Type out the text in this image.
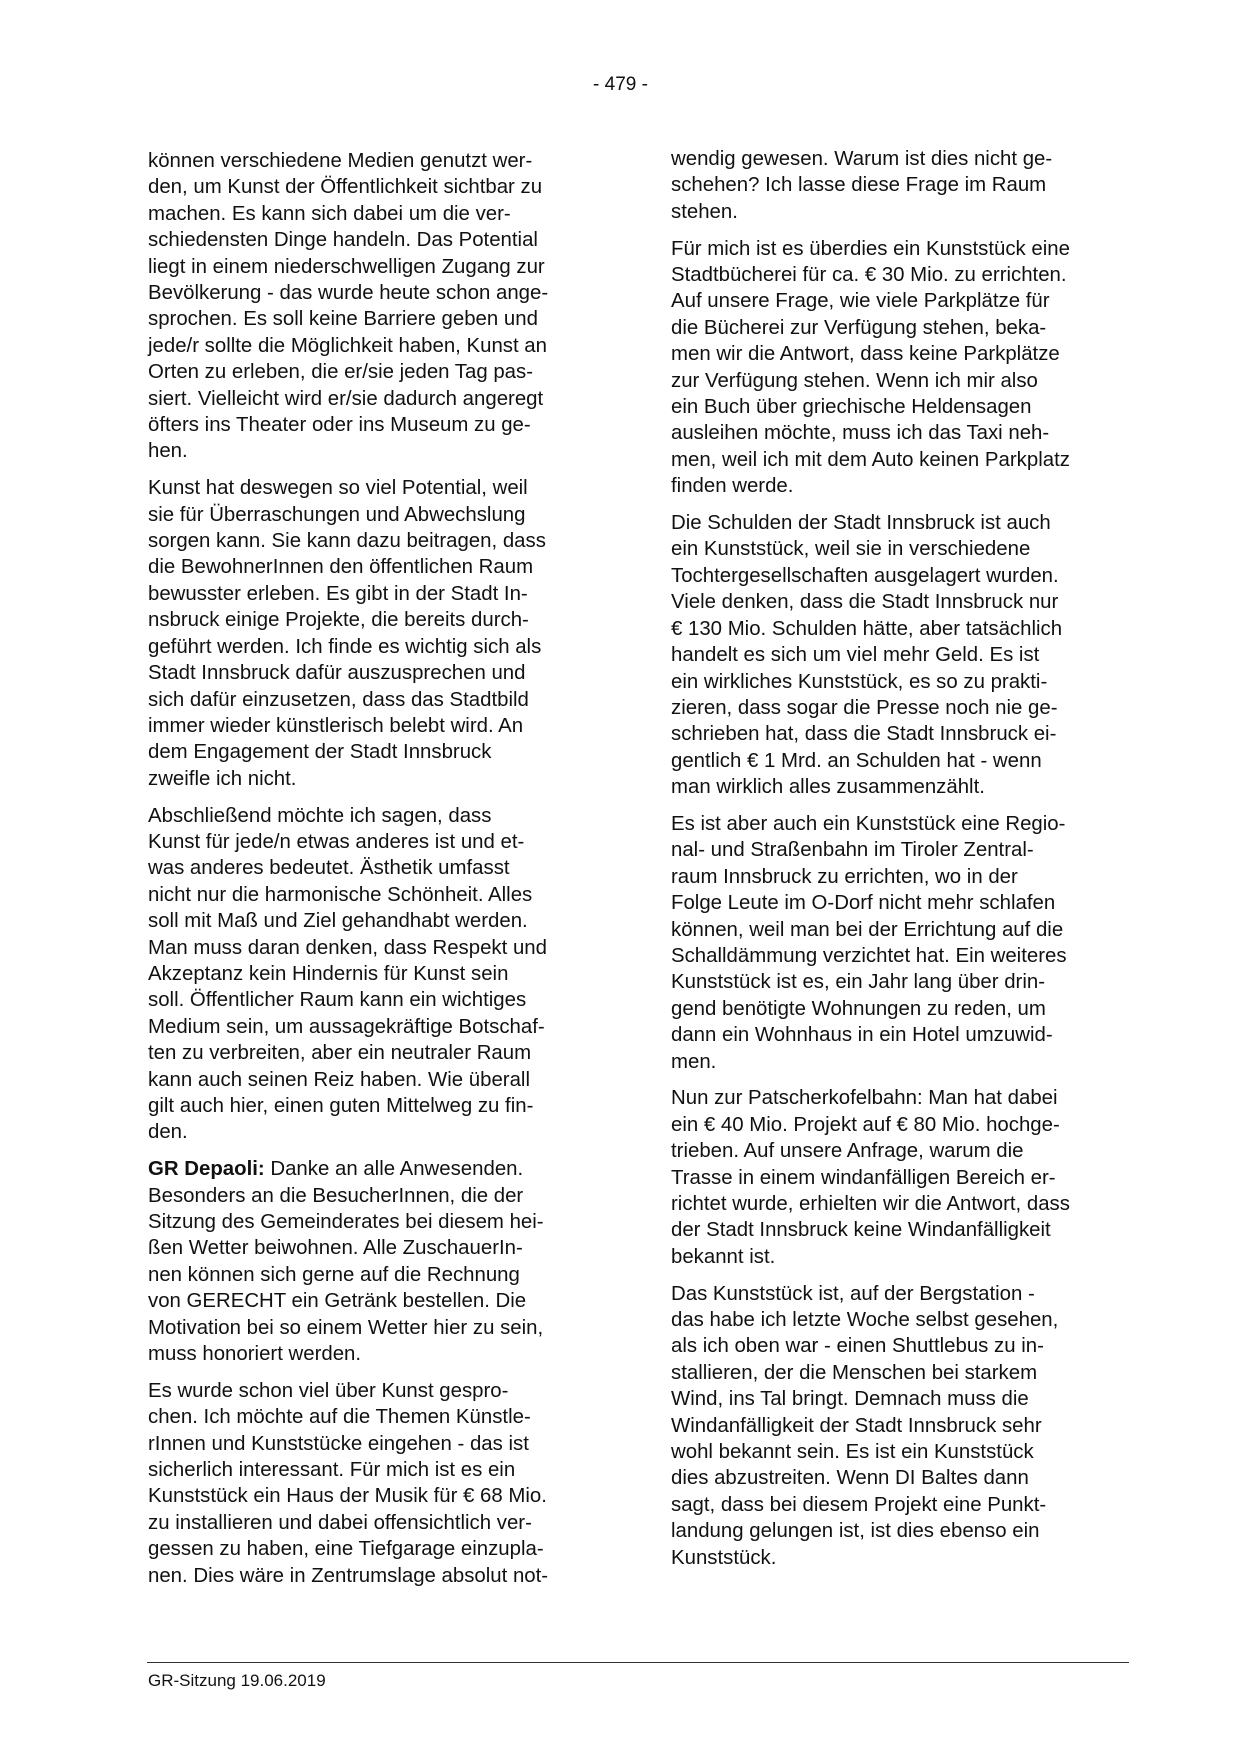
- 479 -

können verschiedene Medien genutzt wer-
den, um Kunst der Öffentlichkeit sichtbar zu
machen. Es kann sich dabei um die ver-
schiedensten Dinge handeln. Das Potential
liegt in einem niederschwelligen Zugang zur
Bevölkerung - das wurde heute schon ange-
sprochen. Es soll keine Barriere geben und
jede/r sollte die Möglichkeit haben, Kunst an
Orten zu erleben, die er/sie jeden Tag pas-
siert. Vielleicht wird er/sie dadurch angeregt
öfters ins Theater oder ins Museum zu ge-
hen.

Kunst hat deswegen so viel Potential, weil
sie für Überraschungen und Abwechslung
sorgen kann. Sie kann dazu beitragen, dass
die BewohnerInnen den öffentlichen Raum
bewusster erleben. Es gibt in der Stadt In-
nsbruck einige Projekte, die bereits durch-
geführt werden. Ich finde es wichtig sich als
Stadt Innsbruck dafür auszusprechen und
sich dafür einzusetzen, dass das Stadtbild
immer wieder künstlerisch belebt wird. An
dem Engagement der Stadt Innsbruck
zweifle ich nicht.

Abschließend möchte ich sagen, dass
Kunst für jede/n etwas anderes ist und et-
was anderes bedeutet. Ästhetik umfasst
nicht nur die harmonische Schönheit. Alles
soll mit Maß und Ziel gehandhabt werden.
Man muss daran denken, dass Respekt und
Akzeptanz kein Hindernis für Kunst sein
soll. Öffentlicher Raum kann ein wichtiges
Medium sein, um aussagekräftige Botschaf-
ten zu verbreiten, aber ein neutraler Raum
kann auch seinen Reiz haben. Wie überall
gilt auch hier, einen guten Mittelweg zu fin-
den.

GR Depaoli: Danke an alle Anwesenden.
Besonders an die BesucherInnen, die der
Sitzung des Gemeinderates bei diesem hei-
ßen Wetter beiwohnen. Alle ZuschauerIn-
nen können sich gerne auf die Rechnung
von GERECHT ein Getränk bestellen. Die
Motivation bei so einem Wetter hier zu sein,
muss honoriert werden.

Es wurde schon viel über Kunst gespro-
chen. Ich möchte auf die Themen Künstle-
rInnen und Kunststücke eingehen - das ist
sicherlich interessant. Für mich ist es ein
Kunststück ein Haus der Musik für € 68 Mio.
zu installieren und dabei offensichtlich ver-
gessen zu haben, eine Tiefgarage einzupla-
nen. Dies wäre in Zentrumslage absolut not-

wendig gewesen. Warum ist dies nicht ge-
schehen? Ich lasse diese Frage im Raum
stehen.

Für mich ist es überdies ein Kunststück eine
Stadtbücherei für ca. € 30 Mio. zu errichten.
Auf unsere Frage, wie viele Parkplätze für
die Bücherei zur Verfügung stehen, beka-
men wir die Antwort, dass keine Parkplätze
zur Verfügung stehen. Wenn ich mir also
ein Buch über griechische Heldensagen
ausleihen möchte, muss ich das Taxi neh-
men, weil ich mit dem Auto keinen Parkplatz
finden werde.

Die Schulden der Stadt Innsbruck ist auch
ein Kunststück, weil sie in verschiedene
Tochtergesellschaften ausgelagert wurden.
Viele denken, dass die Stadt Innsbruck nur
€ 130 Mio. Schulden hätte, aber tatsächlich
handelt es sich um viel mehr Geld. Es ist
ein wirkliches Kunststück, es so zu prakti-
zieren, dass sogar die Presse noch nie ge-
schrieben hat, dass die Stadt Innsbruck ei-
gentlich € 1 Mrd. an Schulden hat - wenn
man wirklich alles zusammenzählt.

Es ist aber auch ein Kunststück eine Regio-
nal- und Straßenbahn im Tiroler Zentral-
raum Innsbruck zu errichten, wo in der
Folge Leute im O-Dorf nicht mehr schlafen
können, weil man bei der Errichtung auf die
Schalldämmung verzichtet hat. Ein weiteres
Kunststück ist es, ein Jahr lang über drin-
gend benötigte Wohnungen zu reden, um
dann ein Wohnhaus in ein Hotel umzuwid-
men.

Nun zur Patscherkofelbahn: Man hat dabei
ein € 40 Mio. Projekt auf € 80 Mio. hochge-
trieben. Auf unsere Anfrage, warum die
Trasse in einem windanfälligen Bereich er-
richtet wurde, erhielten wir die Antwort, dass
der Stadt Innsbruck keine Windanfälligkeit
bekannt ist.

Das Kunststück ist, auf der Bergstation -
das habe ich letzte Woche selbst gesehen,
als ich oben war - einen Shuttlebus zu in-
stallieren, der die Menschen bei starkem
Wind, ins Tal bringt. Demnach muss die
Windanfälligkeit der Stadt Innsbruck sehr
wohl bekannt sein. Es ist ein Kunststück
dies abzustreiten. Wenn DI Baltes dann
sagt, dass bei diesem Projekt eine Punkt-
landung gelungen ist, ist dies ebenso ein
Kunststück.

GR-Sitzung 19.06.2019
